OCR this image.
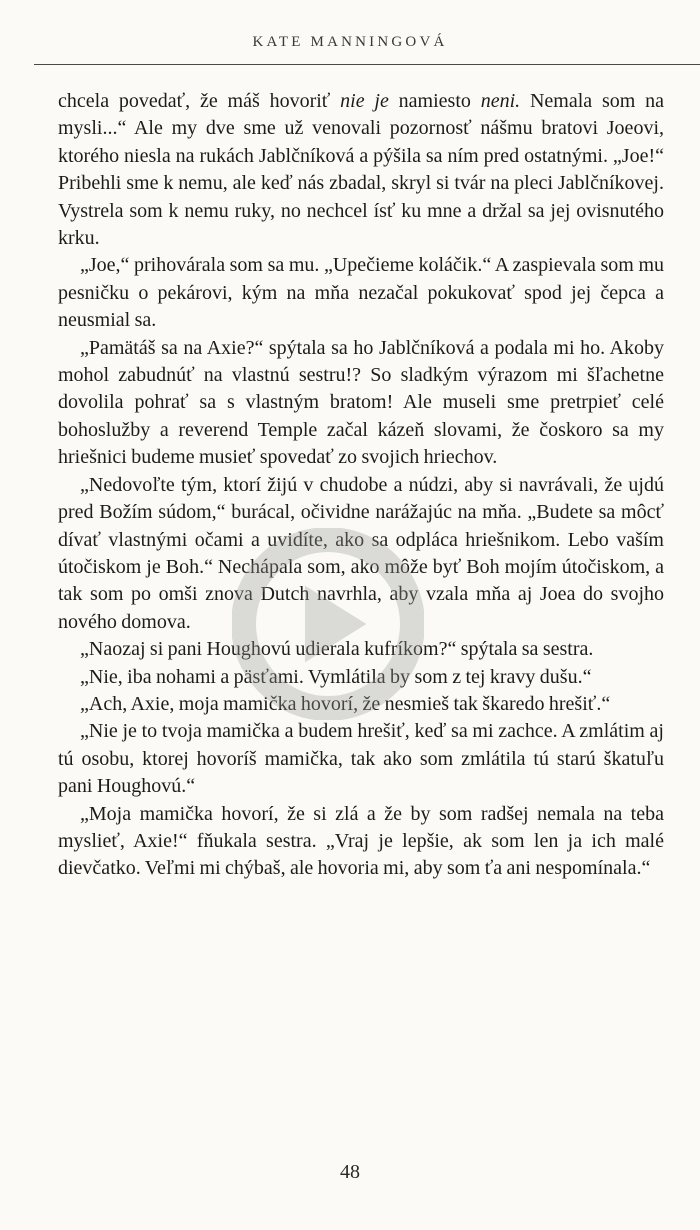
KATE MANNINGOVÁ

chcela povedať, že máš hovoriť nie je namiesto neni. Nemala som na mysli...“ Ale my dve sme už venovali pozornosť nášmu bratovi Joeovi, ktorého niesla na rukách Jablčníková a pýšila sa ním pred ostatnými. „Joe!“ Pribehli sme k nemu, ale keď nás zbadal, skryl si tvár na pleci Jablčníkovej. Vystrela som k nemu ruky, no nechcel ísť ku mne a držal sa jej ovisnutého krku.

„Joe,“ prihovárala som sa mu. „Upečieme koláčik.“ A zaspievala som mu pesničku o pekárovi, kým na mňa nezačal pokukovať spod jej čepca a neusmial sa.

„Pamätáš sa na Axie?“ spýtala sa ho Jablčníková a podala mi ho. Akoby mohol zabudnúť na vlastnú sestru!? So sladkým výrazom mi šľachetne dovolila pohrať sa s vlastným bratom! Ale museli sme pretrpieť celé bohoslužby a reverend Temple začal kázeň slovami, že čoskoro sa my hriešnici budeme musieť spovedať zo svojich hriechov.

„Nedovoľte tým, ktorí žijú v chudobe a núdzi, aby si navrávali, že ujdú pred Božím súdom,“ burácal, očividne narážajúc na mňa. „Budete sa môcť dívať vlastnými očami a uvidíte, ako sa odpláca hriešnikom. Lebo vaším útočiskom je Boh.“ Nechápala som, ako môže byť Boh mojím útočiskom, a tak som po omši znova Dutch navrhla, aby vzala mňa aj Joea do svojho nového domova.

„Naozaj si pani Houghovú udierala kufríkom?“ spýtala sa sestra.

„Nie, iba nohami a päsťami. Vymlátila by som z tej kravy dušu.“

„Ach, Axie, moja mamička hovorí, že nesmieš tak škaredo hrešiť.“

„Nie je to tvoja mamička a budem hrešiť, keď sa mi zachce. A zmlátim aj tú osobu, ktorej hovoríš mamička, tak ako som zmlátila tú starú škatuľu pani Houghovú.“

„Moja mamička hovorí, že si zlá a že by som radšej nemala na teba myslieť, Axie!“ fňukala sestra. „Vraj je lepšie, ak som len ja ich malé dievčatko. Veľmi mi chýbaš, ale hovoria mi, aby som ťa ani nespomínala.“

48
